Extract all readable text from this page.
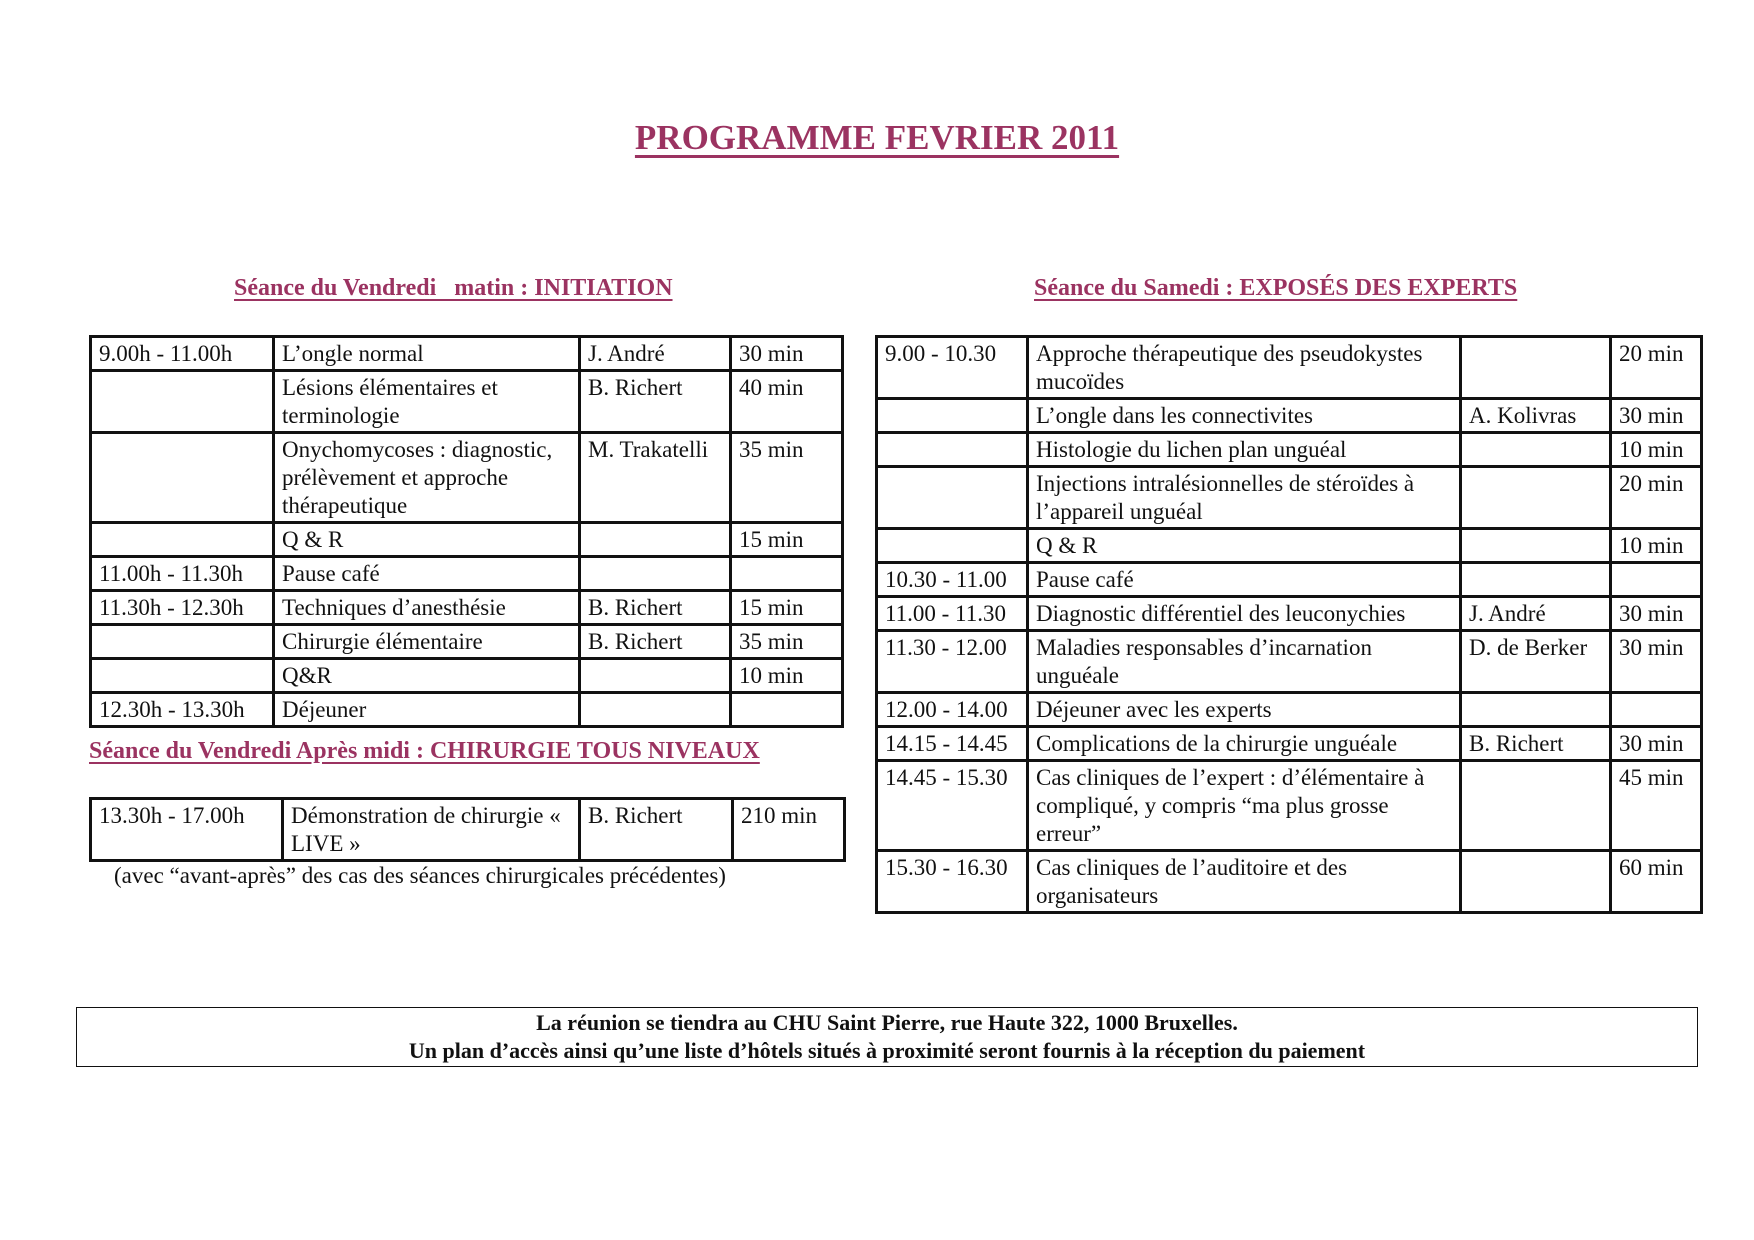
PROGRAMME FEVRIER 2011
Séance du Vendredi   matin : INITIATION
9.00h - 11.00h	L’ongle normal	J. André	30 min
	Lésions élémentaires et terminologie	B. Richert	40 min
	Onychomycoses : diagnostic, prélèvement et approche thérapeutique	M. Trakatelli	35 min
	Q & R		15 min
11.00h - 11.30h	Pause café		
11.30h - 12.30h	Techniques d’anesthésie	B. Richert	15 min
	Chirurgie élémentaire	B. Richert	35 min
	Q&R		10 min
12.30h - 13.30h	Déjeuner		
Séance du Vendredi Après midi : CHIRURGIE TOUS NIVEAUX
13.30h - 17.00h	Démonstration de chirurgie « LIVE »	B. Richert	210 min
(avec “avant-après” des cas des séances chirurgicales précédentes)
Séance du Samedi : EXPOSÉS DES EXPERTS
9.00 - 10.30	Approche thérapeutique des pseudokystes mucoïdes		20 min
	L’ongle dans les connectivites	A. Kolivras	30 min
	Histologie du lichen plan unguéal		10 min
	Injections intralésionnelles de stéroïdes à l’appareil unguéal		20 min
	Q & R		10 min
10.30 - 11.00	Pause café		
11.00 - 11.30	Diagnostic différentiel des leuconychies	J. André	30 min
11.30 - 12.00	Maladies responsables d’incarnation unguéale	D. de Berker	30 min
12.00 - 14.00	Déjeuner avec les experts		
14.15 - 14.45	Complications de la chirurgie unguéale	B. Richert	30 min
14.45 - 15.30	Cas cliniques de l’expert : d’élémentaire à compliqué, y compris “ma plus grosse erreur”		45 min
15.30 - 16.30	Cas cliniques de l’auditoire et des organisateurs		60 min
La réunion se tiendra au CHU Saint Pierre, rue Haute 322, 1000 Bruxelles.
Un plan d’accès ainsi qu’une liste d’hôtels situés à proximité seront fournis à la réception du paiement
